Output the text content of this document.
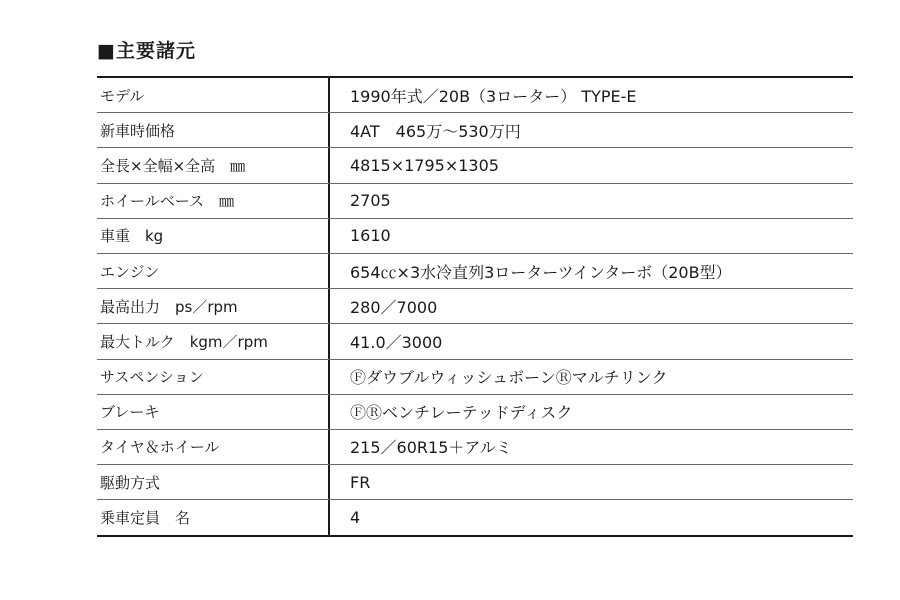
■主要諸元
モデル	1990年式／20B（3ローター） TYPE-E
新車時価格	4AT　465万〜530万円
全長×全幅×全高　㎜	4815×1795×1305
ホイールベース　㎜	2705
車重　kg	1610
エンジン	654㏄×3水冷直列3ローターツインターボ（20B型）
最高出力　ps／rpm	280／7000
最大トルク　kgm／rpm	41.0／3000
サスペンション	ⒻダウブルウィッシュボーンⓇマルチリンク
ブレーキ	ⒻⓇベンチレーテッドディスク
タイヤ＆ホイール	215／60R15＋アルミ
駆動方式	FR
乗車定員　名	4
